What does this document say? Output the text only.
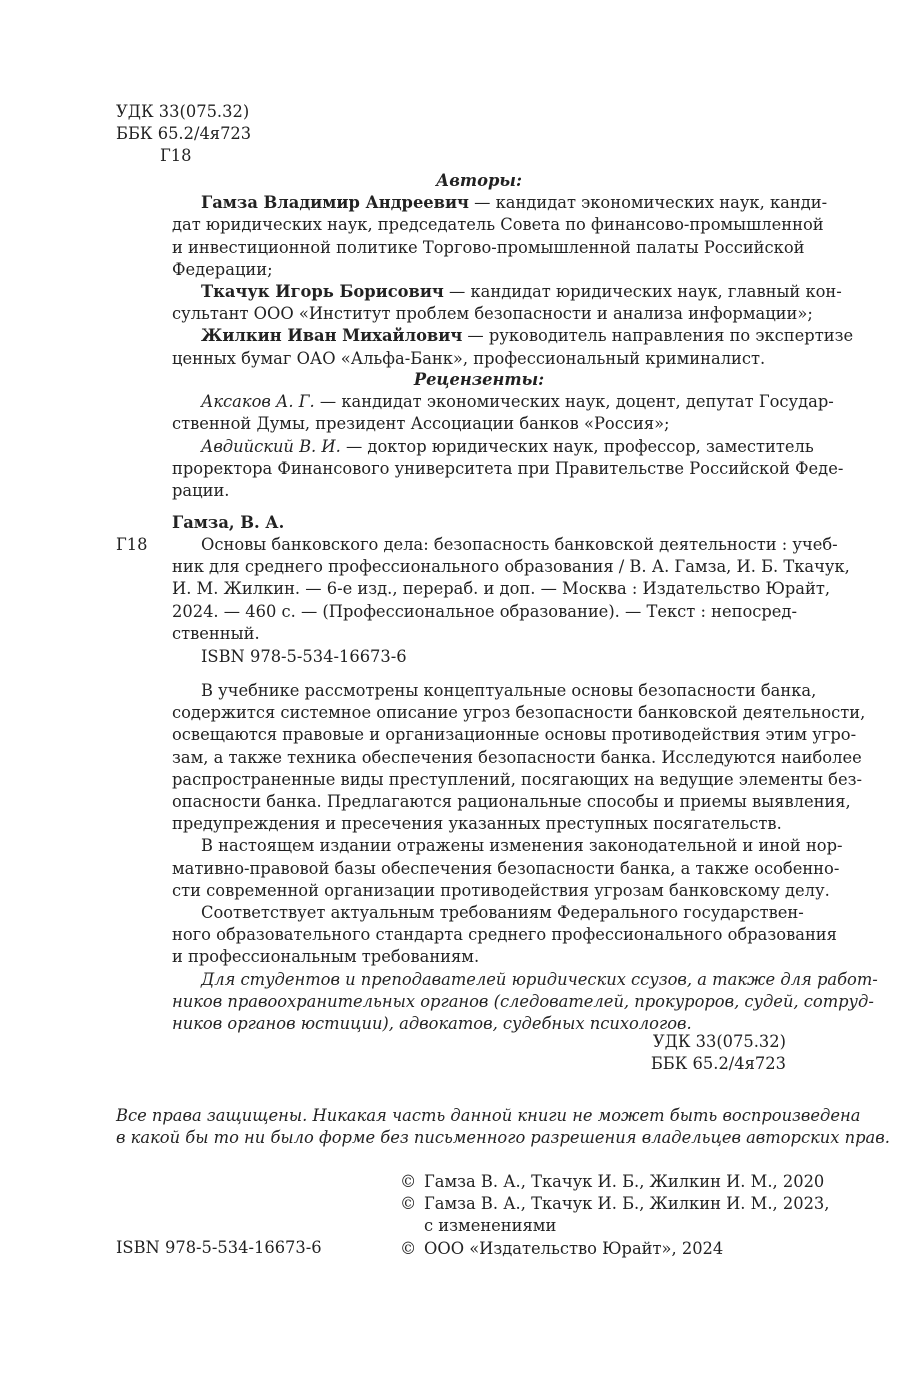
УДК 33(075.32)
ББК 65.2/4я723
Г18
Авторы:
Гамза Владимир Андреевич — кандидат экономических наук, канди-
дат юридических наук, председатель Совета по финансово-промышленной
и инвестиционной политике Торгово-промышленной палаты Российской
Федерации;
Ткачук Игорь Борисович — кандидат юридических наук, главный кон-
сультант ООО «Институт проблем безопасности и анализа информации»;
Жилкин Иван Михайлович — руководитель направления по экспертизе
ценных бумаг ОАО «Альфа-Банк», профессиональный криминалист.
Рецензенты:
Аксаков А. Г. — кандидат экономических наук, доцент, депутат Государ-
ственной Думы, президент Ассоциации банков «Россия»;
Авдийский В. И. — доктор юридических наук, профессор, заместитель
проректора Финансового университета при Правительстве Российской Феде-
рации.
Гамза, В. А.
Г18	Основы банковского дела: безопасность банковской деятельности : учеб-
ник для среднего профессионального образования / В. А. Гамза, И. Б. Ткачук,
И. М. Жилкин. — 6-е изд., перераб. и доп. — Москва : Издательство Юрайт,
2024. — 460 с. — (Профессиональное образование). — Текст : непосред-
ственный.
ISBN 978-5-534-16673-6
В учебнике рассмотрены концептуальные основы безопасности банка,
содержится системное описание угроз безопасности банковской деятельности,
освещаются правовые и организационные основы противодействия этим угро-
зам, а также техника обеспечения безопасности банка. Исследуются наиболее
распространенные виды преступлений, посягающих на ведущие элементы без-
опасности банка. Предлагаются рациональные способы и приемы выявления,
предупреждения и пресечения указанных преступных посягательств.
В настоящем издании отражены изменения законодательной и иной нор-
мативно-правовой базы обеспечения безопасности банка, а также особенно-
сти современной организации противодействия угрозам банковскому делу.
Соответствует актуальным требованиям Федерального государствен-
ного образовательного стандарта среднего профессионального образования
и профессиональным требованиям.
Для студентов и преподавателей юридических ссузов, а также для работ-
ников правоохранительных органов (следователей, прокуроров, судей, сотруд-
ников органов юстиции), адвокатов, судебных психологов.
УДК 33(075.32)
ББК 65.2/4я723
Все права защищены. Никакая часть данной книги не может быть воспроизведена
в какой бы то ни было форме без письменного разрешения владельцев авторских прав.
© Гамза В. А., Ткачук И. Б., Жилкин И. М., 2020
© Гамза В. А., Ткачук И. Б., Жилкин И. М., 2023,
с изменениями
© ООО «Издательство Юрайт», 2024
ISBN 978-5-534-16673-6
